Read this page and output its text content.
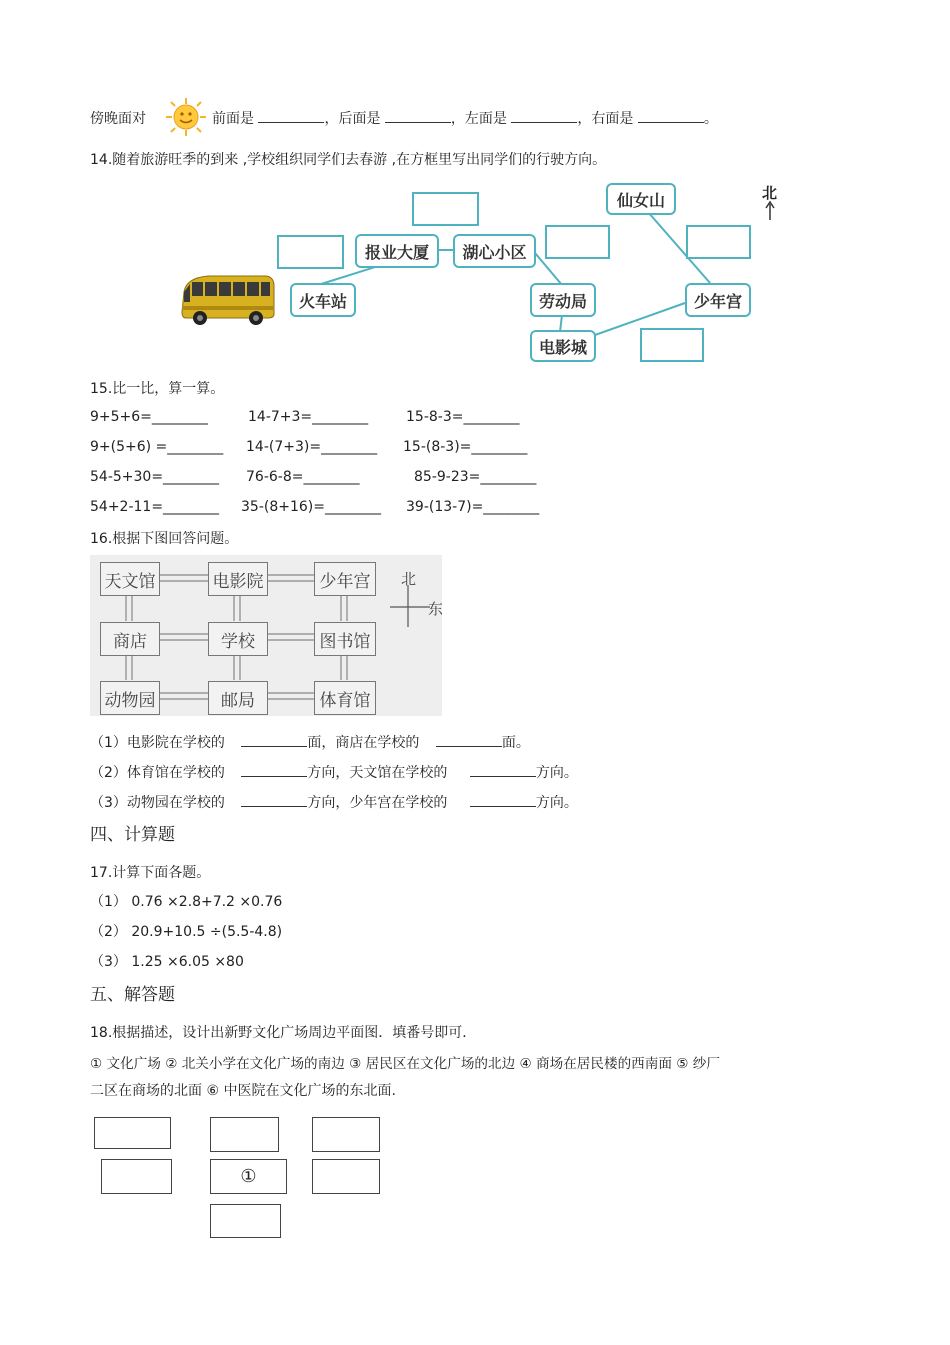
傍晚面对	前面是	，后面是	，左面是	，右面是	。
14.随着旅游旺季的到来 ,学校组织同学们去春游 ,在方框里写出同学们的行驶方向。
仙女山
报业大厦	湖心小区
火车站	劳动局	少年宫
电影城
北
15.比一比，算一算。
9+5+6=________	14-7+3=________	15-8-3=________
9+(5+6) =________ 14-(7+3)=________ 15-(8-3)=________
54-5+30=________ 76-6-8=________	85-9-23=________
54+2-11=________ 35-(8+16)=________ 39-(13-7)=________
16.根据下图回答问题。
天文馆	电影院	少年宫
商店	学校	图书馆
动物园	邮局	体育馆
北
东
（1）电影院在学校的	面，商店在学校的	面。
（2）体育馆在学校的	方向，天文馆在学校的	方向。
（3）动物园在学校的	方向，少年宫在学校的	方向。
四、计算题
17.计算下面各题。
（1） 0.76 ×2.8+7.2 ×0.76
（2） 20.9+10.5 ÷(5.5-4.8)
（3） 1.25 ×6.05 ×80
五、解答题
18.根据描述，设计出新野文化广场周边平面图．填番号即可．
① 文化广场 ② 北关小学在文化广场的南边 ③ 居民区在文化广场的北边 ④ 商场在居民楼的西南面 ⑤ 纱厂
二区在商场的北面 ⑥ 中医院在文化广场的东北面.
①
